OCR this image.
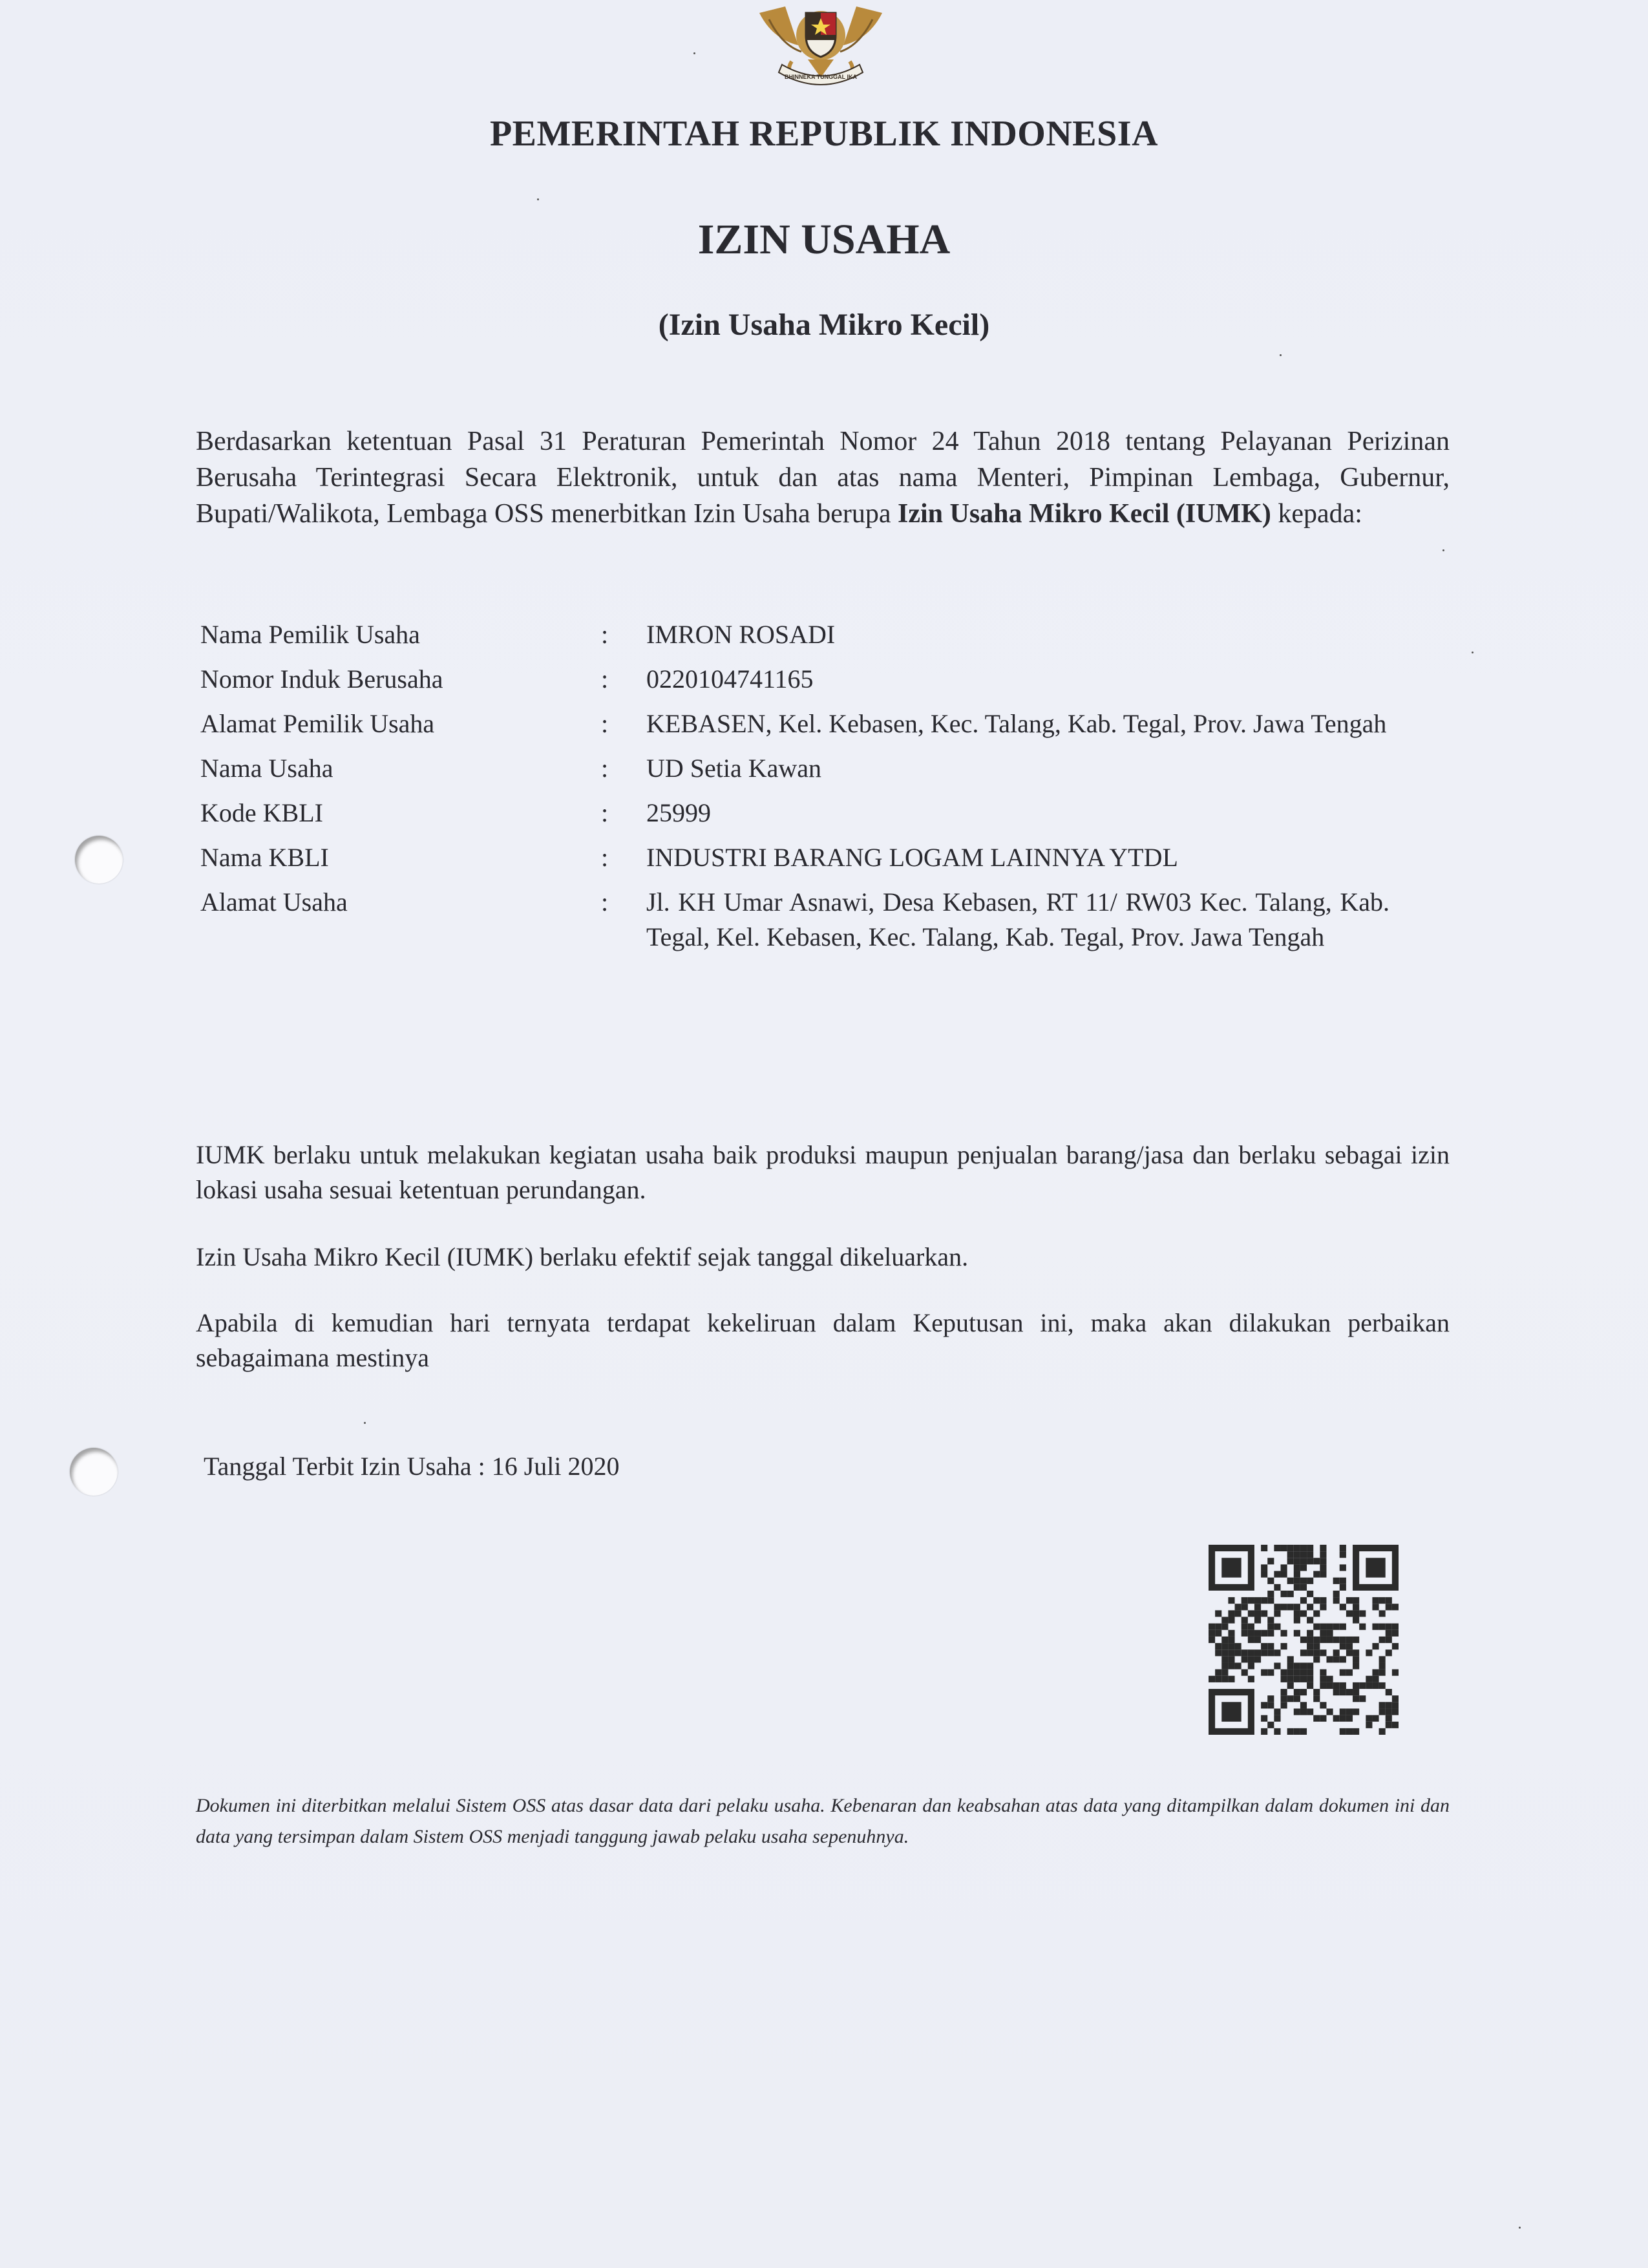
BHINNEKA TUNGGAL IKA
PEMERINTAH REPUBLIK INDONESIA
IZIN USAHA
(Izin Usaha Mikro Kecil)
Berdasarkan ketentuan Pasal 31 Peraturan Pemerintah Nomor 24 Tahun 2018 tentang Pelayanan Perizinan Berusaha Terintegrasi Secara Elektronik, untuk dan atas nama Menteri, Pimpinan Lembaga, Gubernur, Bupati/Walikota, Lembaga OSS menerbitkan Izin Usaha berupa Izin Usaha Mikro Kecil (IUMK) kepada:
Nama Pemilik Usaha	:	IMRON ROSADI
Nomor Induk Berusaha	:	0220104741165
Alamat Pemilik Usaha	:	KEBASEN, Kel. Kebasen, Kec. Talang, Kab. Tegal, Prov. Jawa Tengah
Nama Usaha	:	UD Setia Kawan
Kode KBLI	:	25999
Nama KBLI	:	INDUSTRI BARANG LOGAM LAINNYA YTDL
Alamat Usaha	:	Jl. KH Umar Asnawi, Desa Kebasen, RT 11/ RW03 Kec. Talang, Kab. Tegal, Kel. Kebasen, Kec. Talang, Kab. Tegal, Prov. Jawa Tengah
IUMK berlaku untuk melakukan kegiatan usaha baik produksi maupun penjualan barang/jasa dan berlaku sebagai izin lokasi usaha sesuai ketentuan perundangan.
Izin Usaha Mikro Kecil (IUMK) berlaku efektif sejak tanggal dikeluarkan.
Apabila di kemudian hari ternyata terdapat kekeliruan dalam Keputusan ini, maka akan dilakukan perbaikan sebagaimana mestinya
Tanggal Terbit Izin Usaha : 16 Juli 2020
Dokumen ini diterbitkan melalui Sistem OSS atas dasar data dari pelaku usaha. Kebenaran dan keabsahan atas data yang ditampilkan dalam dokumen ini dan data yang tersimpan dalam Sistem OSS menjadi tanggung jawab pelaku usaha sepenuhnya.
